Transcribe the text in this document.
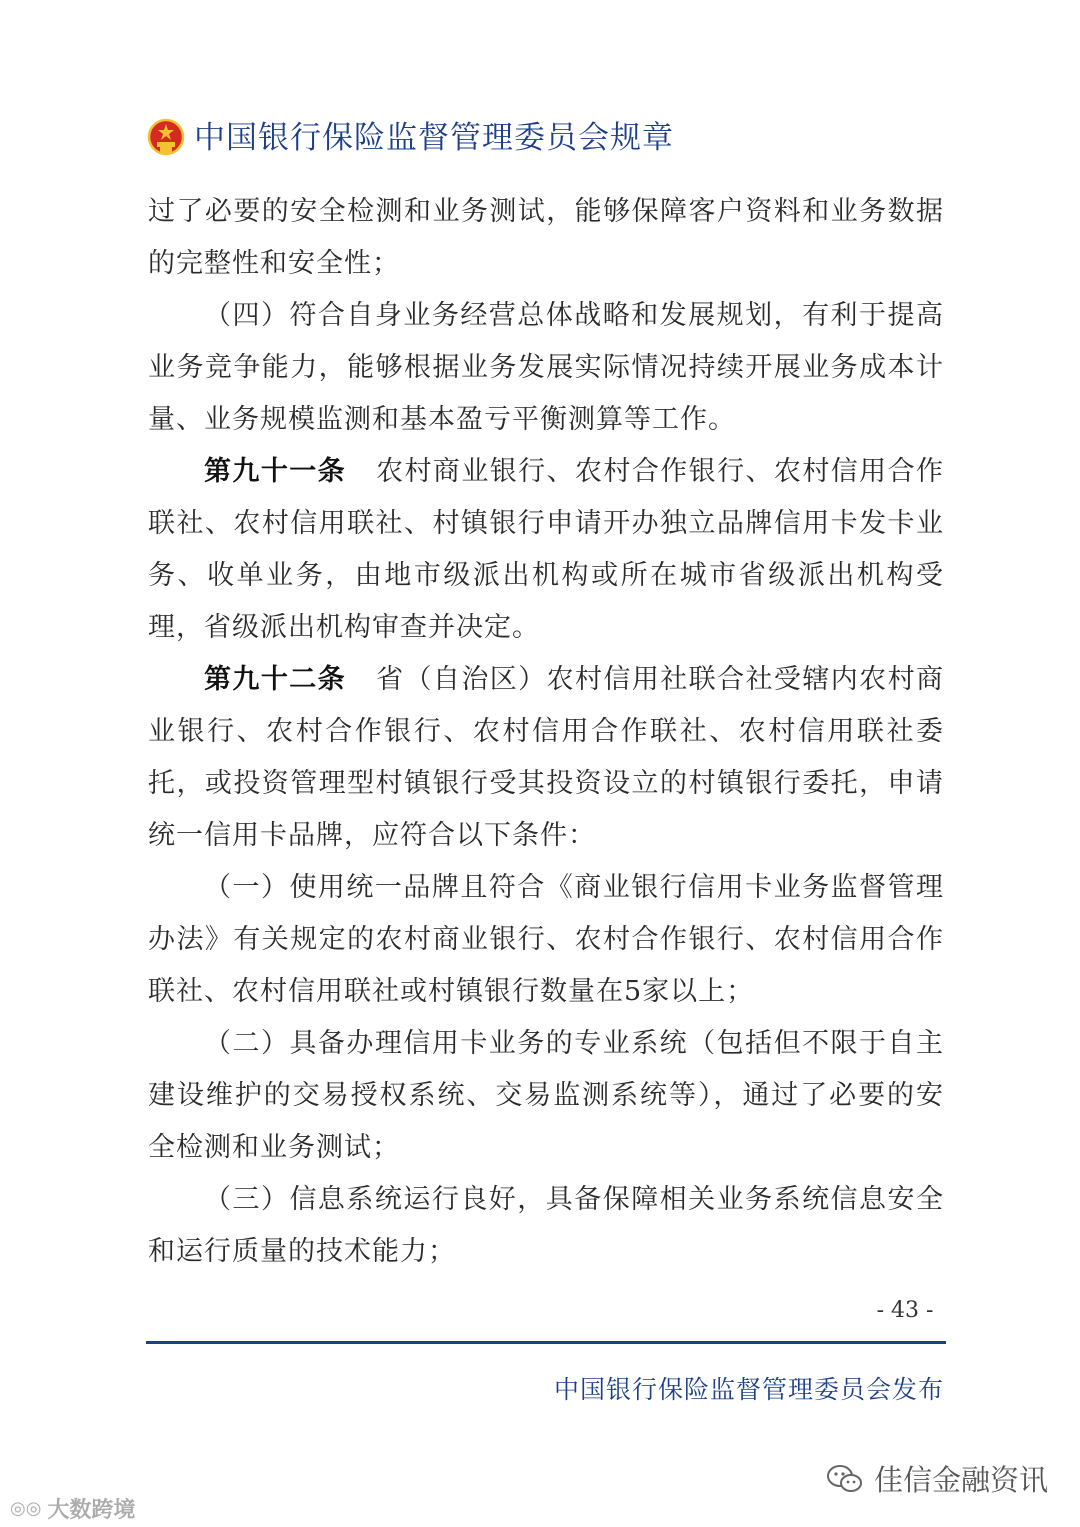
中国银行保险监督管理委员会规章

过了必要的安全检测和业务测试，能够保障客户资料和业务数据的完整性和安全性；

（四）符合自身业务经营总体战略和发展规划，有利于提高业务竞争能力，能够根据业务发展实际情况持续开展业务成本计量、业务规模监测和基本盈亏平衡测算等工作。

第九十一条 农村商业银行、农村合作银行、农村信用合作联社、农村信用联社、村镇银行申请开办独立品牌信用卡发卡业务、收单业务，由地市级派出机构或所在城市省级派出机构受理，省级派出机构审查并决定。

第九十二条 省（自治区）农村信用社联合社受辖内农村商业银行、农村合作银行、农村信用合作联社、农村信用联社委托，或投资管理型村镇银行受其投资设立的村镇银行委托，申请统一信用卡品牌，应符合以下条件：

（一）使用统一品牌且符合《商业银行信用卡业务监督管理办法》有关规定的农村商业银行、农村合作银行、农村信用合作联社、农村信用联社或村镇银行数量在5家以上；

（二）具备办理信用卡业务的专业系统（包括但不限于自主建设维护的交易授权系统、交易监测系统等），通过了必要的安全检测和业务测试；

（三）信息系统运行良好，具备保障相关业务系统信息安全和运行质量的技术能力；

- 43 -
中国银行保险监督管理委员会发布
◎◎ 大数跨境
佳信金融资讯
